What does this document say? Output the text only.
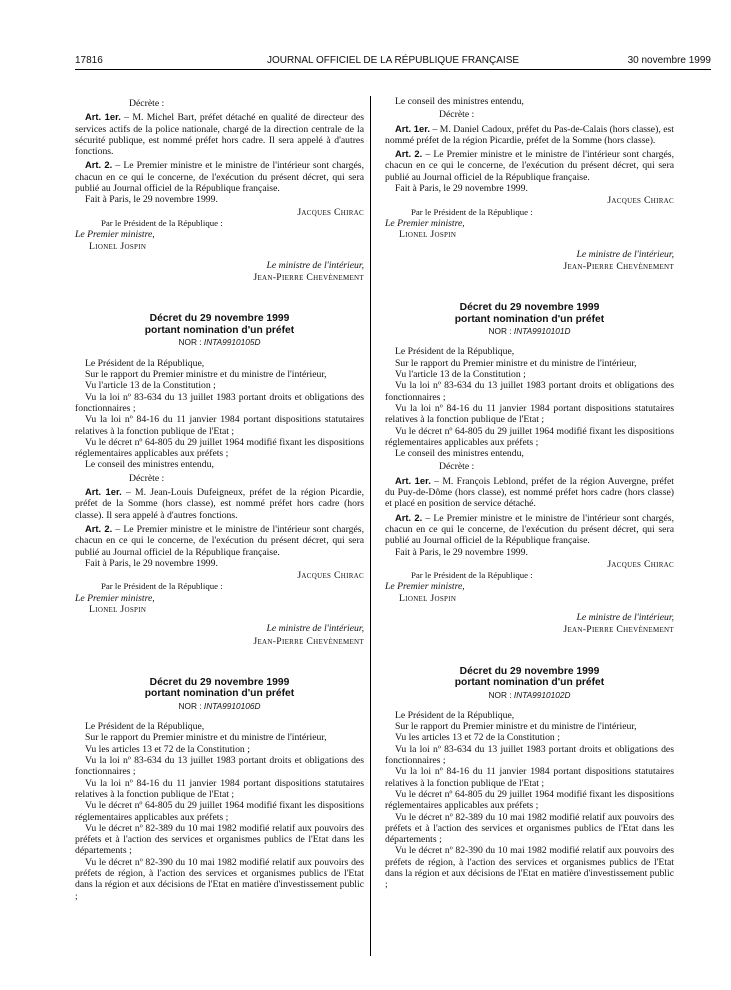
17816	JOURNAL OFFICIEL DE LA RÉPUBLIQUE FRANÇAISE	30 novembre 1999

Décrète :

Art. 1er. – M. Michel Bart, préfet détaché en qualité de directeur des services actifs de la police nationale, chargé de la direction centrale de la sécurité publique, est nommé préfet hors cadre. Il sera appelé à d'autres fonctions.

Art. 2. – Le Premier ministre et le ministre de l'intérieur sont chargés, chacun en ce qui le concerne, de l'exécution du présent décret, qui sera publié au Journal officiel de la République française.

Fait à Paris, le 29 novembre 1999.

Jacques Chirac

Par le Président de la République :

Le Premier ministre,

Lionel Jospin

Le ministre de l'intérieur,

Jean-Pierre Chevènement

Décret du 29 novembre 1999

portant nomination d'un préfet

NOR : INTA9910105D

Le Président de la République,

Sur le rapport du Premier ministre et du ministre de l'intérieur,

Vu l'article 13 de la Constitution ;

Vu la loi nº 83-634 du 13 juillet 1983 portant droits et obligations des fonctionnaires ;

Vu la loi nº 84-16 du 11 janvier 1984 portant dispositions statutaires relatives à la fonction publique de l'Etat ;

Vu le décret nº 64-805 du 29 juillet 1964 modifié fixant les dispositions réglementaires applicables aux préfets ;

Le conseil des ministres entendu,

Décrète :

Art. 1er. – M. Jean-Louis Dufeigneux, préfet de la région Picardie, préfet de la Somme (hors classe), est nommé préfet hors cadre (hors classe). Il sera appelé à d'autres fonctions.

Art. 2. – Le Premier ministre et le ministre de l'intérieur sont chargés, chacun en ce qui le concerne, de l'exécution du présent décret, qui sera publié au Journal officiel de la République française.

Fait à Paris, le 29 novembre 1999.

Jacques Chirac

Par le Président de la République :

Le Premier ministre,

Lionel Jospin

Le ministre de l'intérieur,

Jean-Pierre Chevènement

Décret du 29 novembre 1999

portant nomination d'un préfet

NOR : INTA9910106D

Le Président de la République,

Sur le rapport du Premier ministre et du ministre de l'intérieur,

Vu les articles 13 et 72 de la Constitution ;

Vu la loi nº 83-634 du 13 juillet 1983 portant droits et obligations des fonctionnaires ;

Vu la loi nº 84-16 du 11 janvier 1984 portant dispositions statutaires relatives à la fonction publique de l'Etat ;

Vu le décret nº 64-805 du 29 juillet 1964 modifié fixant les dispositions réglementaires applicables aux préfets ;

Vu le décret nº 82-389 du 10 mai 1982 modifié relatif aux pouvoirs des préfets et à l'action des services et organismes publics de l'Etat dans les départements ;

Vu le décret nº 82-390 du 10 mai 1982 modifié relatif aux pouvoirs des préfets de région, à l'action des services et organismes publics de l'Etat dans la région et aux décisions de l'Etat en matière d'investissement public ;

Le conseil des ministres entendu,

Décrète :

Art. 1er. – M. Daniel Cadoux, préfet du Pas-de-Calais (hors classe), est nommé préfet de la région Picardie, préfet de la Somme (hors classe).

Art. 2. – Le Premier ministre et le ministre de l'intérieur sont chargés, chacun en ce qui le concerne, de l'exécution du présent décret, qui sera publié au Journal officiel de la République française.

Fait à Paris, le 29 novembre 1999.

Jacques Chirac

Par le Président de la République :

Le Premier ministre,

Lionel Jospin

Le ministre de l'intérieur,

Jean-Pierre Chevènement

Décret du 29 novembre 1999

portant nomination d'un préfet

NOR : INTA9910101D

Le Président de la République,

Sur le rapport du Premier ministre et du ministre de l'intérieur,

Vu l'article 13 de la Constitution ;

Vu la loi nº 83-634 du 13 juillet 1983 portant droits et obligations des fonctionnaires ;

Vu la loi nº 84-16 du 11 janvier 1984 portant dispositions statutaires relatives à la fonction publique de l'Etat ;

Vu le décret nº 64-805 du 29 juillet 1964 modifié fixant les dispositions réglementaires applicables aux préfets ;

Le conseil des ministres entendu,

Décrète :

Art. 1er. – M. François Leblond, préfet de la région Auvergne, préfet du Puy-de-Dôme (hors classe), est nommé préfet hors cadre (hors classe) et placé en position de service détaché.

Art. 2. – Le Premier ministre et le ministre de l'intérieur sont chargés, chacun en ce qui le concerne, de l'exécution du présent décret, qui sera publié au Journal officiel de la République française.

Fait à Paris, le 29 novembre 1999.

Jacques Chirac

Par le Président de la République :

Le Premier ministre,

Lionel Jospin

Le ministre de l'intérieur,

Jean-Pierre Chevènement

Décret du 29 novembre 1999

portant nomination d'un préfet

NOR : INTA9910102D

Le Président de la République,

Sur le rapport du Premier ministre et du ministre de l'intérieur,

Vu les articles 13 et 72 de la Constitution ;

Vu la loi nº 83-634 du 13 juillet 1983 portant droits et obligations des fonctionnaires ;

Vu la loi nº 84-16 du 11 janvier 1984 portant dispositions statutaires relatives à la fonction publique de l'Etat ;

Vu le décret nº 64-805 du 29 juillet 1964 modifié fixant les dispositions réglementaires applicables aux préfets ;

Vu le décret nº 82-389 du 10 mai 1982 modifié relatif aux pouvoirs des préfets et à l'action des services et organismes publics de l'Etat dans les départements ;

Vu le décret nº 82-390 du 10 mai 1982 modifié relatif aux pouvoirs des préfets de région, à l'action des services et organismes publics de l'Etat dans la région et aux décisions de l'Etat en matière d'investissement public ;
